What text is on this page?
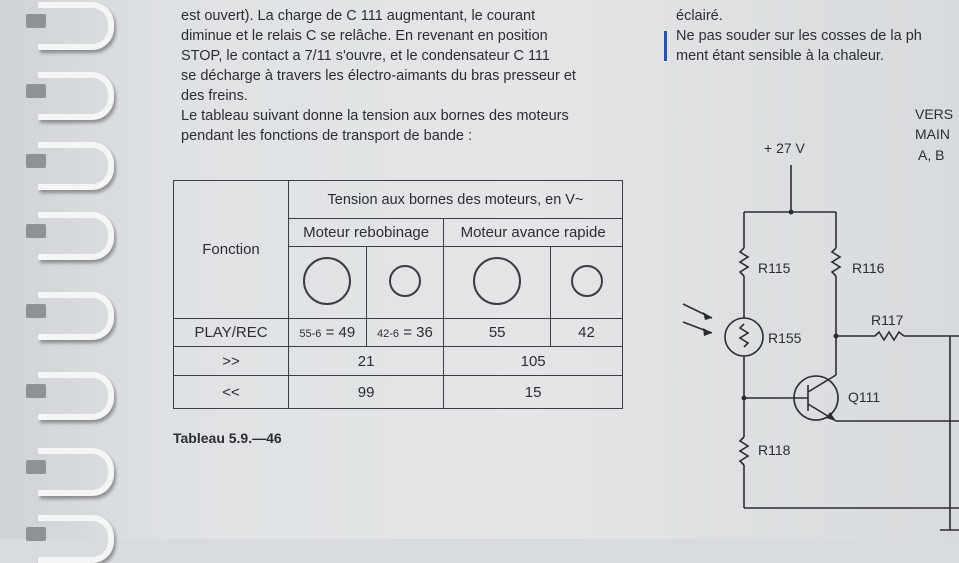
est ouvert). La charge de C 111 augmentant, le courant

diminue et le relais C se relâche. En revenant en position

STOP, le contact a 7/11 s'ouvre, et le condensateur C 111

se décharge à travers les électro-aimants du bras presseur et

des freins.

Le tableau suivant donne la tension aux bornes des moteurs

pendant les fonctions de transport de bande :

éclairé.

Ne pas souder sur les cosses de la ph

ment étant sensible à la chaleur.

Fonction	Tension aux bornes des moteurs, en V~			
	Moteur rebobinage		Moteur avance rapide	

PLAY/REC	55-6 = 49	42-6 = 36	55	42
>>	21		105	
<<	99		15	
Tableau 5.9.—46
+ 27 V
R115	R116
R117
R155
Q111
R118
VERS
MAIN
A, B
